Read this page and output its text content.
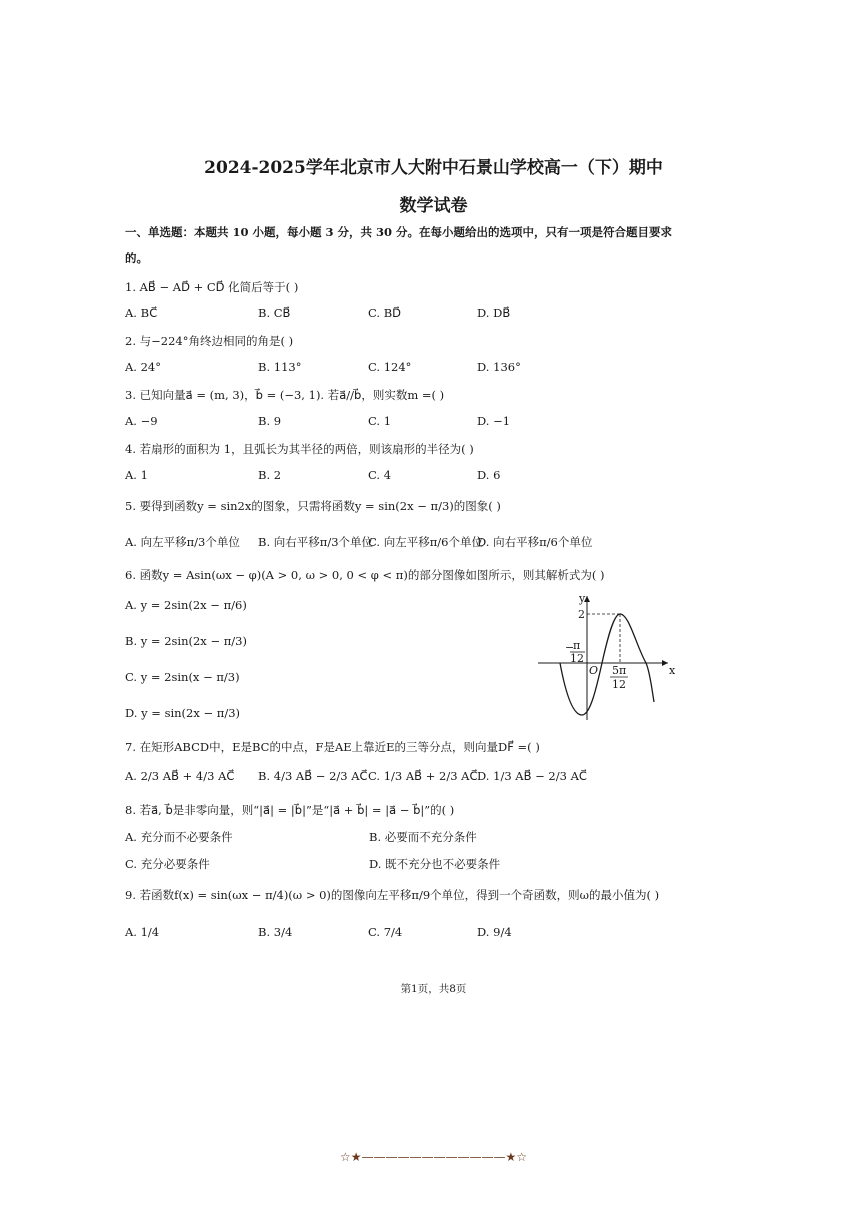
2024-2025学年北京市人大附中石景山学校高一（下）期中
数学试卷
一、单选题：本题共 10 小题，每小题 3 分，共 30 分。在每小题给出的选项中，只有一项是符合题目要求
的。
1. AB⃗ − AD⃗ + CD⃗ 化简后等于( )
A. BC⃗	B. CB⃗	C. BD⃗	D. DB⃗
2. 与−224°角终边相同的角是( )
A. 24°	B. 113°	C. 124°	D. 136°
3. 已知向量a⃗ = (m, 3)，b⃗ = (−3, 1). 若a⃗//b⃗，则实数m =( )
A. −9	B. 9	C. 1	D. −1
4. 若扇形的面积为 1，且弧长为其半径的两倍，则该扇形的半径为( )
A. 1	B. 2	C. 4	D. 6
5. 要得到函数y = sin2x的图象，只需将函数y = sin(2x − π/3)的图象( )
A. 向左平移π/3个单位 B. 向右平移π/3个单位
C. 向左平移π/6个单位
D. 向右平移π/6个单位
6. 函数y = Asin(ωx − φ)(A > 0, ω > 0, 0 < φ < π)的部分图像如图所示，则其解析式为( )
A. y = 2sin(2x − π/6)
B. y = 2sin(2x − π/3)
C. y = 2sin(x − π/3)
D. y = sin(2x − π/3)
x
y
2
−
π
12
O 5π
12
7. 在矩形ABCD中，E是BC的中点，F是AE上靠近E的三等分点，则向量DF⃗ =( )
A. 2/3 AB⃗ + 4/3 AC⃗ B. 4/3 AB⃗ − 2/3 AC⃗ C. 1/3 AB⃗ + 2/3 AC⃗ D. 1/3 AB⃗ − 2/3 AC⃗
8. 若a⃗, b⃗是非零向量，则“|a⃗| = |b⃗|”是“|a⃗ + b⃗| = |a⃗ − b⃗|”的( )
A. 充分而不必要条件	B. 必要而不充分条件
C. 充分必要条件	D. 既不充分也不必要条件
9. 若函数f(x) = sin(ωx − π/4)(ω > 0)的图像向左平移π/9个单位，得到一个奇函数，则ω的最小值为( )
A. 1/4	B. 3/4	C. 7/4	D. 9/4
第1页，共8页
☆★————————————★☆
